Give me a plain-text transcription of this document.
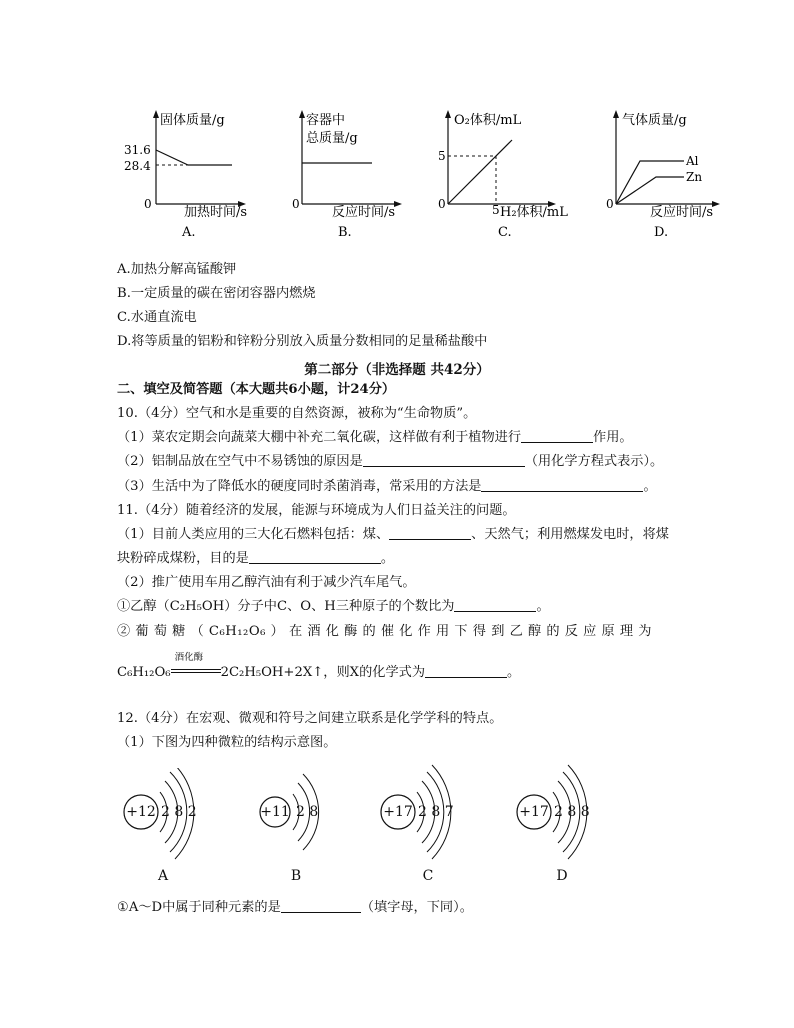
固体质量/g
31.6
28.4
0
加热时间/s
A.
容器中
总质量/g
0
反应时间/s
B.
O₂体积/mL
5
0	5 H₂体积/mL
C.
气体质量/g
Al
Zn
0
反应时间/s
D.
A.加热分解高锰酸钾
B.一定质量的碳在密闭容器内燃烧
C.水通直流电
D.将等质量的铝粉和锌粉分别放入质量分数相同的足量稀盐酸中
第二部分（非选择题 共42分）
二、填空及简答题（本大题共6小题，计24分）
10.（4分）空气和水是重要的自然资源，被称为“生命物质”。
（1）菜农定期会向蔬菜大棚中补充二氧化碳，这样做有利于植物进行	作用。
（2）铝制品放在空气中不易锈蚀的原因是	（用化学方程式表示）。
（3）生活中为了降低水的硬度同时杀菌消毒，常采用的方法是	。
11.（4分）随着经济的发展，能源与环境成为人们日益关注的问题。
（1）目前人类应用的三大化石燃料包括：煤、	、天然气；利用燃煤发电时，将煤
块粉碎成煤粉，目的是	。
（2）推广使用车用乙醇汽油有利于减少汽车尾气。
①乙醇（C₂H₅OH）分子中C、O、H三种原子的个数比为	。
② 葡 萄 糖 （ C₆H₁₂O₆ ） 在 酒 化 酶 的 催 化 作 用 下 得 到 乙 醇 的 反 应 原 理 为
C₆H₁₂O₆
酒化酶
2C₂H₅OH+2X↑，则X的化学式为	。
12.（4分）在宏观、微观和符号之间建立联系是化学学科的特点。
（1）下图为四种微粒的结构示意图。
+12 2 8 2
A
+11 2 8
B
+17 2 8 7
C
+17 2 8 8
D
①A～D中属于同种元素的是	（填字母，下同）。
